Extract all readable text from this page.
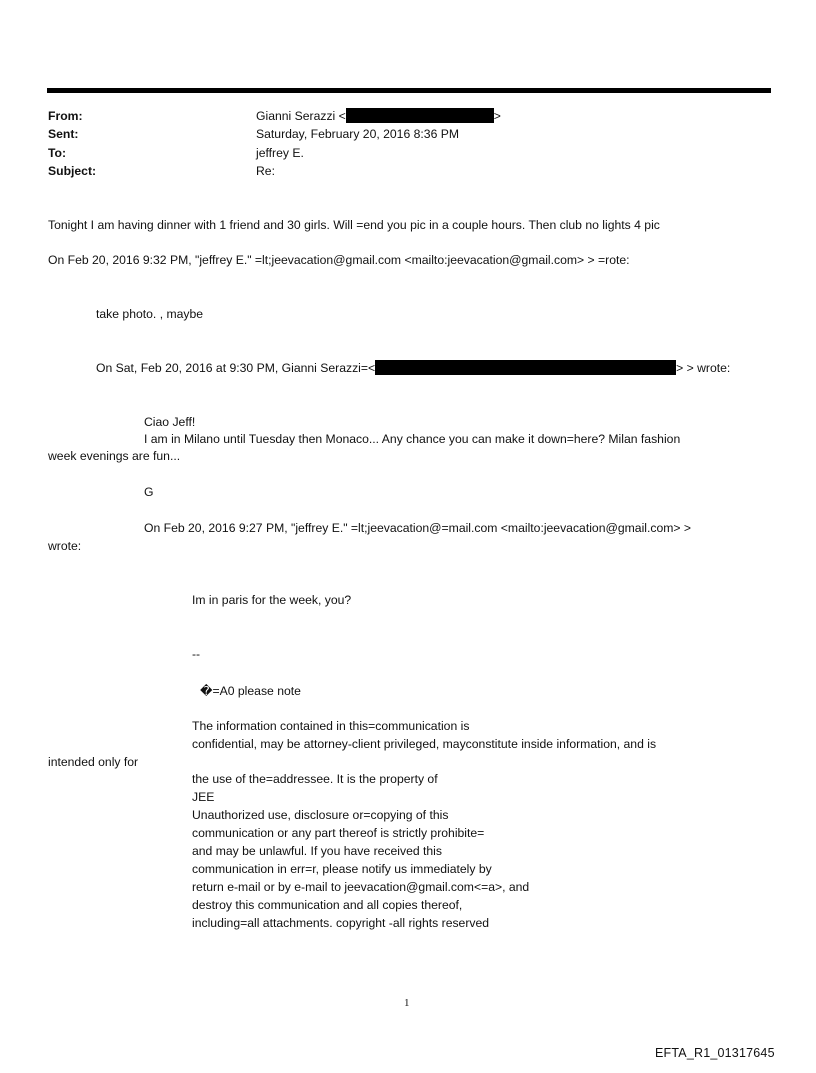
From:
Sent:
To:
Subject:
Gianni Serazzi <	>
Saturday, February 20, 2016 8:36 PM
jeffrey E.
Re:
Tonight I am having dinner with 1 friend and 30 girls. Will =end you pic in a couple hours. Then club no lights 4 pic
On Feb 20, 2016 9:32 PM, "jeffrey E." =lt;jeevacation@gmail.com <mailto:jeevacation@gmail.com> > =rote:
take photo. , maybe
On Sat, Feb 20, 2016 at 9:30 PM, Gianni Serazzi=<	> > wrote:
Ciao Jeff!
I am in Milano until Tuesday then Monaco... Any chance you can make it down=here? Milan fashion
week evenings are fun...
G
On Feb 20, 2016 9:27 PM, "jeffrey E." =lt;jeevacation@=mail.com <mailto:jeevacation@gmail.com> >
wrote:
Im in paris for the week, you?
--
�=A0 please note
The information contained in this=communication is
confidential, may be attorney-client privileged, mayconstitute inside information, and is
intended only for
the use of the=addressee. It is the property of
JEE
Unauthorized use, disclosure or=copying of this
communication or any part thereof is strictly prohibite=
and may be unlawful. If you have received this
communication in err=r, please notify us immediately by
return e-mail or by e-mail to jeevacation@gmail.com<=a>, and
destroy this communication and all copies thereof,
including=all attachments. copyright -all rights reserved
1
EFTA_R1_01317645
